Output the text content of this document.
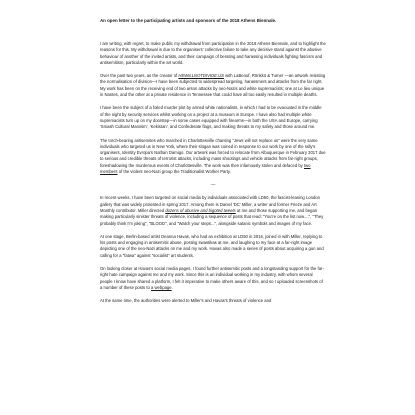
An open letter to the participating artists and sponsors of the 2018 Athens Biennale.

I am writing, with regret, to make public my withdrawal from participation in the 2018 Athens Biennale, and to highlight the reasons for this. My withdrawal is due to the organisers' collective failure to take any decisive stand against the abusive behaviour of another of the invited artists, and their campaign of berating and harassing individuals fighting fascism and antisemitism, particularly within the art world.

Over the past two years, as the creator of HEWILLNOTDIVIDE.US with LaBeouf, Rönkkö & Turner —an artwork resisting the normalisation of division—I have been subjected to widespread targeting, harassment and attacks from the far right. My work has been on the receiving end of two arson attacks by neo-Nazis and white supremacists; one at Le lieu unique in Nantes, and the other at a private residence in Tennessee that could have all too easily resulted in multiple deaths.

I have been the subject of a foiled murder plot by armed white nationalists, in which I had to be evacuated in the middle of the night by security services whilst working on a project at a museum in Europe. I have also had multiple white supremacists turn up on my doorstep—in some cases equipped with firearms—in both the USA and Europe, carrying 'Smash Cultural Marxism', 'Kekistan', and Confederate flags, and making threats to my safety and those around me.

The torch-bearing antisemites who marched in Charlottesville chanting "Jews will not replace us" were the very same individuals who targeted us in New York, where their slogan was coined in response to our work by one of the rally's organisers, Identity Evropa's Nathan Damigo. Our artwork was forced to relocate from Albuquerque in February 2017 due to serious and credible threats of terrorist attacks, including mass shootings and vehicle attacks from far-right groups, foreshadowing the murderous events of Charlottesville. The work was then infamously stolen and defaced by two members of the violent neo-Nazi group the Traditionalist Worker Party.

—

In recent weeks, I have been targeted on social media by individuals associated with LD50, the fascist-leaning London gallery that was widely protested in spring 2017. Among them is Daniel 'DC' Miller, a writer and former Frieze and Art Monthly contributor. Miller directed dozens of abusive and bigoted tweets at me and those supporting me, and began making particularly sinister threats of violence, including a sequence of posts that read: "You're on the list now....", "They probably think I'm joking", "BLOOD", and "Watch your steps...", alongside satanic symbols and images of my face.

At one stage, Berlin-based artist Deanna Havas, who had an exhibition at LD50 in 2016, joined in with Miller, replying to his posts and engaging in antisemitic abuse, posting swastikas at me, and laughing to my face at a far-right image depicting one of the neo-Nazi attacks on me and my work. Havas also made a series of posts about acquiring a gun and calling for a "fatwa" against "socialist" art students.

On looking closer at Havas's social media pages, I found further antisemitic posts and a longstanding support for the far-right hate campaign against me and my work. Since this is an individual working in my industry, with whom several people I know have shared a platform, I felt it imperative to make others aware of this, and so I uploaded screenshots of a number of these posts to a webpage.

At the same time, the authorities were alerted to Miller's and Havas's threats of violence and
